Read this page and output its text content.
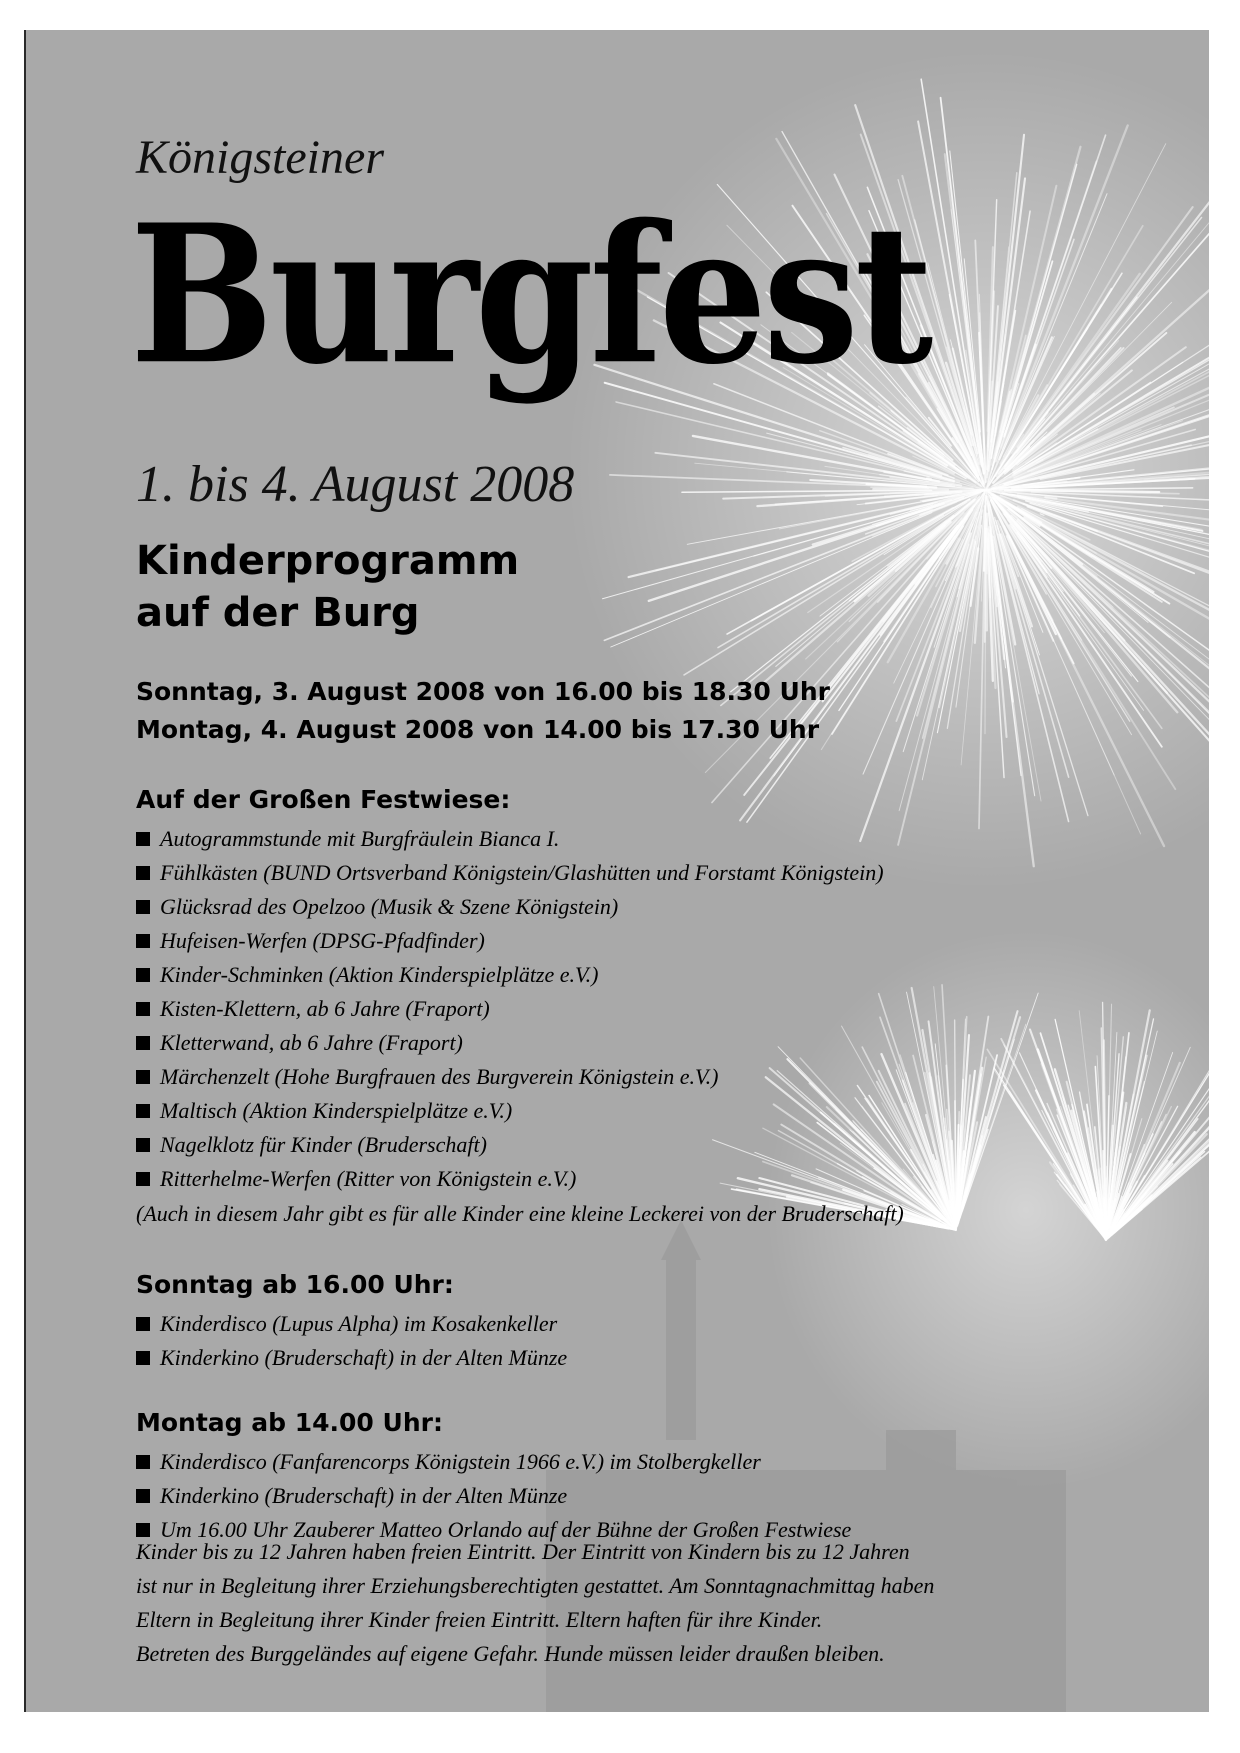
Königsteiner
Burgfest
1. bis 4. August 2008
Kinderprogramm
auf der Burg
Sonntag, 3. August 2008 von 16.00 bis 18.30 Uhr
Montag, 4. August 2008 von 14.00 bis 17.30 Uhr
Auf der Großen Festwiese:
Autogrammstunde mit Burgfräulein Bianca I.
Fühlkästen (BUND Ortsverband Königstein/Glashütten und Forstamt Königstein)
Glücksrad des Opelzoo (Musik & Szene Königstein)
Hufeisen-Werfen (DPSG-Pfadfinder)
Kinder-Schminken (Aktion Kinderspielplätze e.V.)
Kisten-Klettern, ab 6 Jahre (Fraport)
Kletterwand, ab 6 Jahre (Fraport)
Märchenzelt (Hohe Burgfrauen des Burgverein Königstein e.V.)
Maltisch (Aktion Kinderspielplätze e.V.)
Nagelklotz für Kinder (Bruderschaft)
Ritterhelme-Werfen (Ritter von Königstein e.V.)
(Auch in diesem Jahr gibt es für alle Kinder eine kleine Leckerei von der Bruderschaft)
Sonntag ab 16.00 Uhr:
Kinderdisco (Lupus Alpha) im Kosakenkeller
Kinderkino (Bruderschaft) in der Alten Münze
Montag ab 14.00 Uhr:
Kinderdisco (Fanfarencorps Königstein 1966 e.V.) im Stolbergkeller
Kinderkino (Bruderschaft) in der Alten Münze
Um 16.00 Uhr Zauberer Matteo Orlando auf der Bühne der Großen Festwiese
Kinder bis zu 12 Jahren haben freien Eintritt. Der Eintritt von Kindern bis zu 12 Jahren
ist nur in Begleitung ihrer Erziehungsberechtigten gestattet. Am Sonntagnachmittag haben
Eltern in Begleitung ihrer Kinder freien Eintritt. Eltern haften für ihre Kinder.
Betreten des Burggeländes auf eigene Gefahr. Hunde müssen leider draußen bleiben.
